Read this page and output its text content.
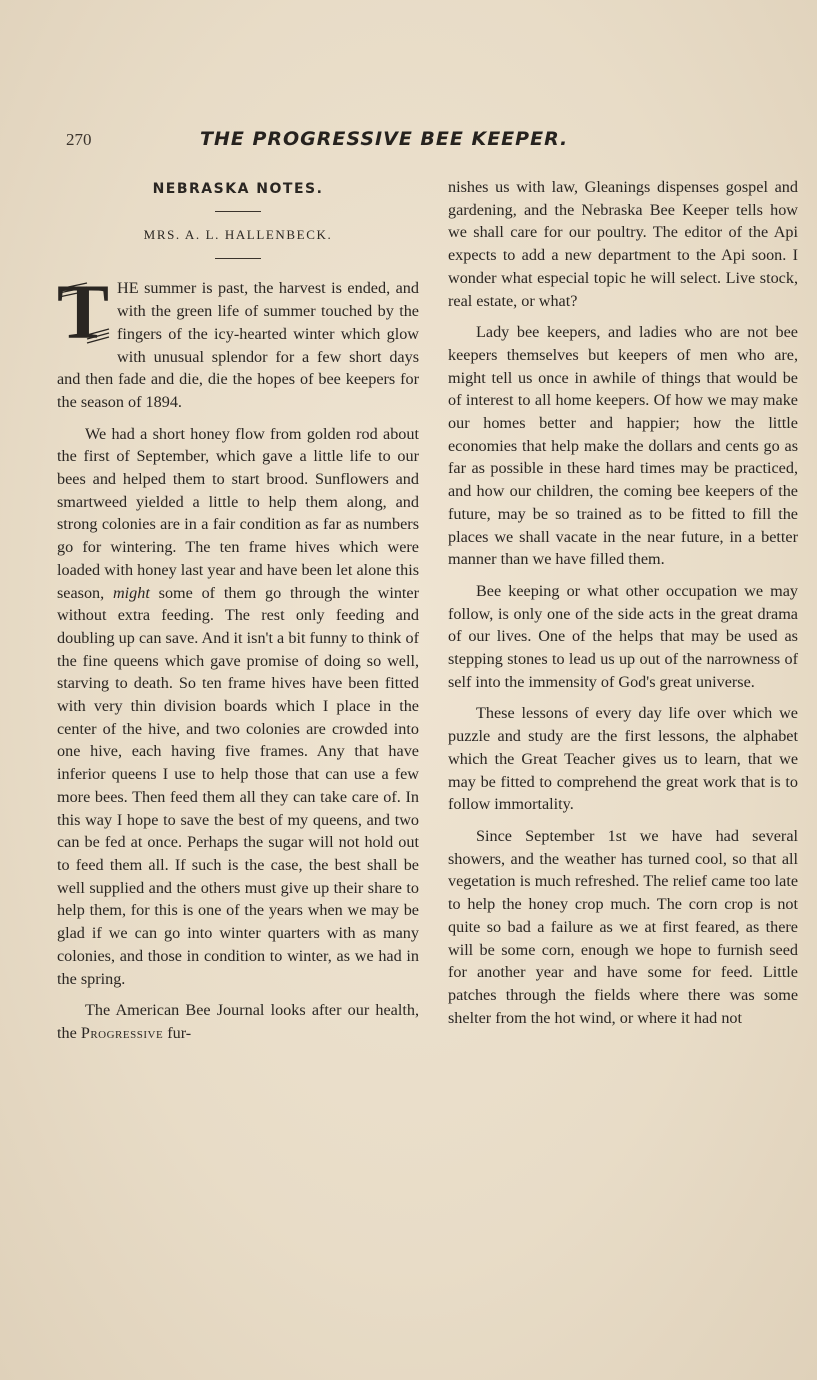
270	THE PROGRESSIVE BEE KEEPER.
NEBRASKA NOTES.
MRS. A. L. HALLENBECK.

T HE summer is past, the harvest is ended, and with the green life of summer touched by the fingers of the icy-hearted winter which glow with unusual splendor for a few short days and then fade and die, die the hopes of bee keepers for the season of 1894.

We had a short honey flow from golden rod about the first of September, which gave a little life to our bees and helped them to start brood. Sunflowers and smartweed yielded a little to help them along, and strong colonies are in a fair condition as far as numbers go for wintering. The ten frame hives which were loaded with honey last year and have been let alone this season, might some of them go through the winter without extra feeding. The rest only feeding and doubling up can save. And it isn't a bit funny to think of the fine queens which gave promise of doing so well, starving to death. So ten frame hives have been fitted with very thin division boards which I place in the center of the hive, and two colonies are crowded into one hive, each having five frames. Any that have inferior queens I use to help those that can use a few more bees. Then feed them all they can take care of. In this way I hope to save the best of my queens, and two can be fed at once. Perhaps the sugar will not hold out to feed them all. If such is the case, the best shall be well supplied and the others must give up their share to help them, for this is one of the years when we may be glad if we can go into winter quarters with as many colonies, and those in condition to winter, as we had in the spring.

The American Bee Journal looks after our health, the Progressive fur-

nishes us with law, Gleanings dispenses gospel and gardening, and the Nebraska Bee Keeper tells how we shall care for our poultry. The editor of the Api expects to add a new department to the Api soon. I wonder what especial topic he will select. Live stock, real estate, or what?

Lady bee keepers, and ladies who are not bee keepers themselves but keepers of men who are, might tell us once in awhile of things that would be of interest to all home keepers. Of how we may make our homes better and happier; how the little economies that help make the dollars and cents go as far as possible in these hard times may be practiced, and how our children, the coming bee keepers of the future, may be so trained as to be fitted to fill the places we shall vacate in the near future, in a better manner than we have filled them.

Bee keeping or what other occupation we may follow, is only one of the side acts in the great drama of our lives. One of the helps that may be used as stepping stones to lead us up out of the narrowness of self into the immensity of God's great universe.

These lessons of every day life over which we puzzle and study are the first lessons, the alphabet which the Great Teacher gives us to learn, that we may be fitted to comprehend the great work that is to follow immortality.

Since September 1st we have had several showers, and the weather has turned cool, so that all vegetation is much refreshed. The relief came too late to help the honey crop much. The corn crop is not quite so bad a failure as we at first feared, as there will be some corn, enough we hope to furnish seed for another year and have some for feed. Little patches through the fields where there was some shelter from the hot wind, or where it had not
